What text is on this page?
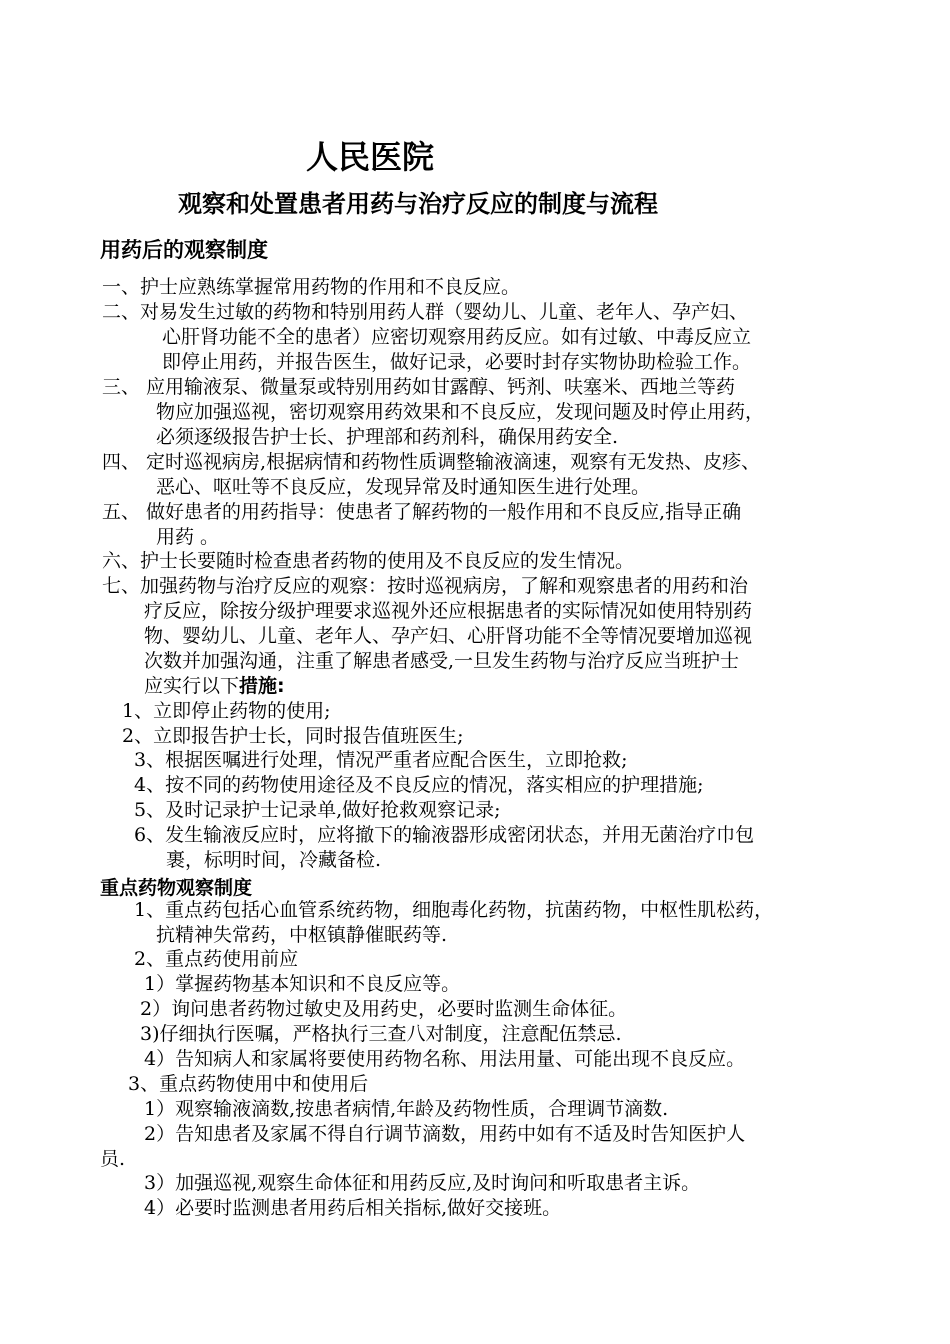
人民医院
观察和处置患者用药与治疗反应的制度与流程
用药后的观察制度
一、护士应熟练掌握常用药物的作用和不良反应。
二、对易发生过敏的药物和特别用药人群（婴幼儿、儿童、老年人、孕产妇、
心肝肾功能不全的患者）应密切观察用药反应。如有过敏、中毒反应立
即停止用药，并报告医生，做好记录，必要时封存实物协助检验工作。
三、 应用输液泵、微量泵或特别用药如甘露醇、钙剂、呋塞米、西地兰等药
物应加强巡视，密切观察用药效果和不良反应，发现问题及时停止用药，
必须逐级报告护士长、护理部和药剂科，确保用药安全.
四、 定时巡视病房,根据病情和药物性质调整输液滴速，观察有无发热、皮疹、
恶心、呕吐等不良反应，发现异常及时通知医生进行处理。
五、 做好患者的用药指导：使患者了解药物的一般作用和不良反应,指导正确
用药 。
六、护士长要随时检查患者药物的使用及不良反应的发生情况。
七、加强药物与治疗反应的观察：按时巡视病房，了解和观察患者的用药和治
疗反应，除按分级护理要求巡视外还应根据患者的实际情况如使用特别药
物、婴幼儿、儿童、老年人、孕产妇、心肝肾功能不全等情况要增加巡视
次数并加强沟通，注重了解患者感受,一旦发生药物与治疗反应当班护士
应实行以下措施:
1、立即停止药物的使用;
2、立即报告护士长，同时报告值班医生;
3、根据医嘱进行处理，情况严重者应配合医生，立即抢救;
4、按不同的药物使用途径及不良反应的情况，落实相应的护理措施;
5、及时记录护士记录单,做好抢救观察记录;
6、发生输液反应时，应将撤下的输液器形成密闭状态，并用无菌治疗巾包
裹，标明时间，冷藏备检.
重点药物观察制度
1、重点药包括心血管系统药物，细胞毒化药物，抗菌药物，中枢性肌松药，
抗精神失常药，中枢镇静催眠药等.
2、重点药使用前应
1）掌握药物基本知识和不良反应等。
2）询问患者药物过敏史及用药史，必要时监测生命体征。
3)仔细执行医嘱，严格执行三查八对制度，注意配伍禁忌.
4）告知病人和家属将要使用药物名称、用法用量、可能出现不良反应。
3、重点药物使用中和使用后
1）观察输液滴数,按患者病情,年龄及药物性质，合理调节滴数.
2）告知患者及家属不得自行调节滴数，用药中如有不适及时告知医护人
员.
3）加强巡视,观察生命体征和用药反应,及时询问和听取患者主诉。
4）必要时监测患者用药后相关指标,做好交接班。
